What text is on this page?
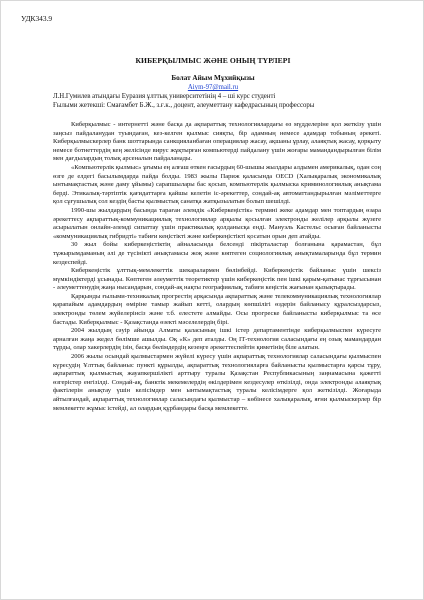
УДК343.9
КИБЕРҚЫЛМЫС ЖӘНЕ ОНЫҢ ТҮРЛЕРІ
Болат Айым Мұхийқызы
Aiym-97@mail.ru
Л.Н.Гумилев атындағы Еуразия ұлттық университетінің 4 – ші курс студенті
Ғылыми жетекші: Смағамбет Б.Ж., з.ғ.к., доцент, әлеуметтану кафедрасының профессоры

Киберқылмыс - интернетті және басқа да ақпараттық технологиялардағы өз мүдделеріне қол жеткізу үшін заңсыз пайдаланудан туындаған, кез-келген қылмыс сияқты, бір адамның немесе адамдар тобының әрекеті. Киберқылмыскерлер банк шоттарында санкцияланбаған операциялар жасау, ақшаны ұрлау, алаяқтық жасау, қорқыту немесе ботнеттердің кең желісінде вирус жұқтырған компьютерді пайдалану үшін жоғары мамандандырылған білім мен дағдылардың толық арсеналын пайдаланады.

«Компьютерлік қылмыс» ұғымы ең алғаш өткен ғасырдың 60-шышы жылдары алдымен америкалық, одан соң өзге де елдегі басылымдарда пайда болды. 1983 жылы Париж қаласында OECD (Халықаралық экономикалық ынтымақтастық және даму ұйымы) сарапшылары бас қосып, компьютерлік қылмыска криминологиялық анықтама берді. Этикалық-тәртіптік қағидаттарға қайшы келетін іс-әрекеттер, сондай-ақ автоматтандырылған мәліметтерге қол сұғушылық сол кездің басты қылмыстық санатқа жатқызылатын болып шешілді.

1990-шы жылдардың басында тараған әлемдік «Киберкеңістік» термині жеке адамдар мен топтардың өзара әрекеттесу ақпараттық-коммуникациялық технологиялар арқылы қосылған электронды желілер арқылы жүзеге асырылатын онлайн-әлемді сипаттау үшін практикалық қолданысқа енді. Мануэль Кастельс осыған байланысты «коммуникациялық гибридті» табиғи кеңістікті және киберкеңістікті қосатын орын деп атайды.

30 жыл бойы киберкеңістіктің айналасында белсенді пікірталастар болғанына қарамастан, бұл тұжырымдаманың әлі де түсінікті анықтамасы жоқ және көптеген социологиялық анықтамаларында бұл термин кездеспейді.

Киберкеңістік ұлттық-мемлекеттік шекаралармен бөлінбейді. Киберкеңістік байланыс үшін шексіз мүмкіндіктерді ұсынады. Көптеген әлеуметтік теоретиктер үшін киберкеңістік пен ішкі қарым-қатынас тұрғысынан - әлеуметтенудің жаңа нысандарын, сондай-ақ нақты географиялық, табиғи кеңістік жағынан қызықтырады.

Қарқынды ғылыми-техникалық прогрестің арқасында ақпараттық және телекоммуникациялық технологиялар қарапайым адамдардың өміріне тамыр жайып кетті, олардың көпшілігі өздерін байланысу құралсыздарсыз, электронды төлем жүйелерінсіз және т.б. елестете алмайды. Осы прогреске байланысты киберқылмыс та өсе бастады. Киберқылмыс - Қазақстанда өзекті мәселелердің бірі.

2004 жылдың сәуір айында Алматы қаласының ішкі істер департаментінде киберқылмыспен күресуге арналған жаңа жедел бөлімше ашылды. Оқ «К» деп аталды. Оң ІТ-технология саласындағы ең озық мамандардан тұрды, олар хакерлердің ізін, басқа бөлімдердің кезеңге әрекеттеспейтін қиметінің біле алатын.

2006 жылы осындай қылмыстармен жүйелі күресу үшін ақпараттық технологиялар саласындағы қылмыспен күресудің Ұлттық байланыс пункті құрылды, ақпараттық технологияларға байланысты қылмыстарға қарсы тұру, ақпараттық қылмыстық жауапкершілікті арттыру туралы Қазақстан Республикасының заңнамасына қажетті өзгерістер енгізілді. Сондай-ақ, банктік мекемелердің өкілдерімен кездесулер өткізілді, онда электронды алаяқтық фактілерін анықтау үшін келісімдер мен ынтымақтастық туралы келісімдерге қол жеткізілді. Жоғарыда айтылғандай, ақпараттық технологиялар саласындағы қылмыстар – көбінесе халықаралық, яғни қылмыскерлер бір мемлекетте жұмыс істейді, ал олардың құрбандары басқа мемлекетте.
